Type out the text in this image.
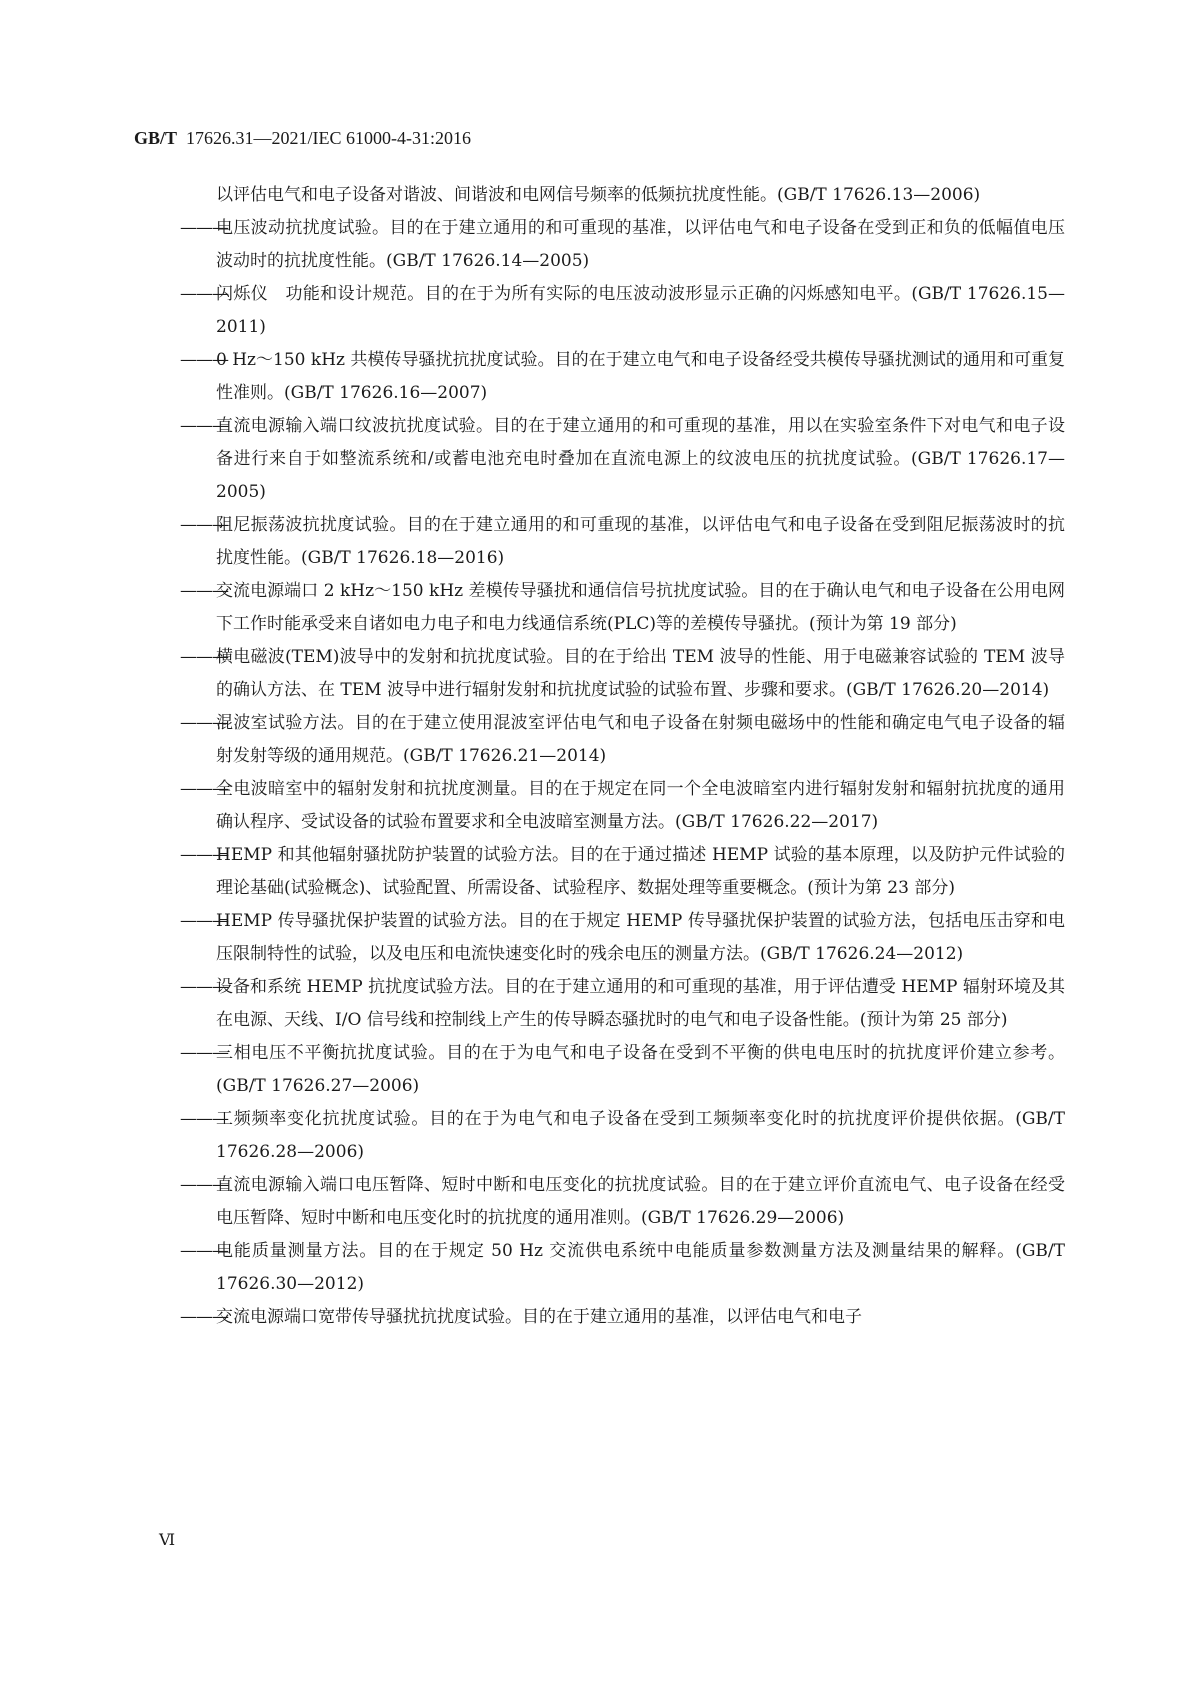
GB/T 17626.31—2021/IEC 61000-4-31:2016

以评估电气和电子设备对谐波、间谐波和电网信号频率的低频抗扰度性能。(GB/T 17626.13—2006)

———
电压波动抗扰度试验。目的在于建立通用的和可重现的基准，以评估电气和电子设备在受到正和负的低幅值电压波动时的抗扰度性能。(GB/T 17626.14—2005)
———
闪烁仪　功能和设计规范。目的在于为所有实际的电压波动波形显示正确的闪烁感知电平。(GB/T 17626.15—2011)
———
0 Hz～150 kHz 共模传导骚扰抗扰度试验。目的在于建立电气和电子设备经受共模传导骚扰测试的通用和可重复性准则。(GB/T 17626.16—2007)
———
直流电源输入端口纹波抗扰度试验。目的在于建立通用的和可重现的基准，用以在实验室条件下对电气和电子设备进行来自于如整流系统和/或蓄电池充电时叠加在直流电源上的纹波电压的抗扰度试验。(GB/T 17626.17—2005)
———
阻尼振荡波抗扰度试验。目的在于建立通用的和可重现的基准，以评估电气和电子设备在受到阻尼振荡波时的抗扰度性能。(GB/T 17626.18—2016)
———
交流电源端口 2 kHz～150 kHz 差模传导骚扰和通信信号抗扰度试验。目的在于确认电气和电子设备在公用电网下工作时能承受来自诸如电力电子和电力线通信系统(PLC)等的差模传导骚扰。(预计为第 19 部分)
———
横电磁波(TEM)波导中的发射和抗扰度试验。目的在于给出 TEM 波导的性能、用于电磁兼容试验的 TEM 波导的确认方法、在 TEM 波导中进行辐射发射和抗扰度试验的试验布置、步骤和要求。(GB/T 17626.20—2014)
———
混波室试验方法。目的在于建立使用混波室评估电气和电子设备在射频电磁场中的性能和确定电气电子设备的辐射发射等级的通用规范。(GB/T 17626.21—2014)
———
全电波暗室中的辐射发射和抗扰度测量。目的在于规定在同一个全电波暗室内进行辐射发射和辐射抗扰度的通用确认程序、受试设备的试验布置要求和全电波暗室测量方法。(GB/T 17626.22—2017)
———
HEMP 和其他辐射骚扰防护装置的试验方法。目的在于通过描述 HEMP 试验的基本原理，以及防护元件试验的理论基础(试验概念)、试验配置、所需设备、试验程序、数据处理等重要概念。(预计为第 23 部分)
———
HEMP 传导骚扰保护装置的试验方法。目的在于规定 HEMP 传导骚扰保护装置的试验方法，包括电压击穿和电压限制特性的试验，以及电压和电流快速变化时的残余电压的测量方法。(GB/T 17626.24—2012)
———
设备和系统 HEMP 抗扰度试验方法。目的在于建立通用的和可重现的基准，用于评估遭受 HEMP 辐射环境及其在电源、天线、I/O 信号线和控制线上产生的传导瞬态骚扰时的电气和电子设备性能。(预计为第 25 部分)
———
三相电压不平衡抗扰度试验。目的在于为电气和电子设备在受到不平衡的供电电压时的抗扰度评价建立参考。(GB/T 17626.27—2006)
———
工频频率变化抗扰度试验。目的在于为电气和电子设备在受到工频频率变化时的抗扰度评价提供依据。(GB/T 17626.28—2006)
———
直流电源输入端口电压暂降、短时中断和电压变化的抗扰度试验。目的在于建立评价直流电气、电子设备在经受电压暂降、短时中断和电压变化时的抗扰度的通用准则。(GB/T 17626.29—2006)
———
电能质量测量方法。目的在于规定 50 Hz 交流供电系统中电能质量参数测量方法及测量结果的解释。(GB/T 17626.30—2012)
———
交流电源端口宽带传导骚扰抗扰度试验。目的在于建立通用的基准，以评估电气和电子
Ⅵ
